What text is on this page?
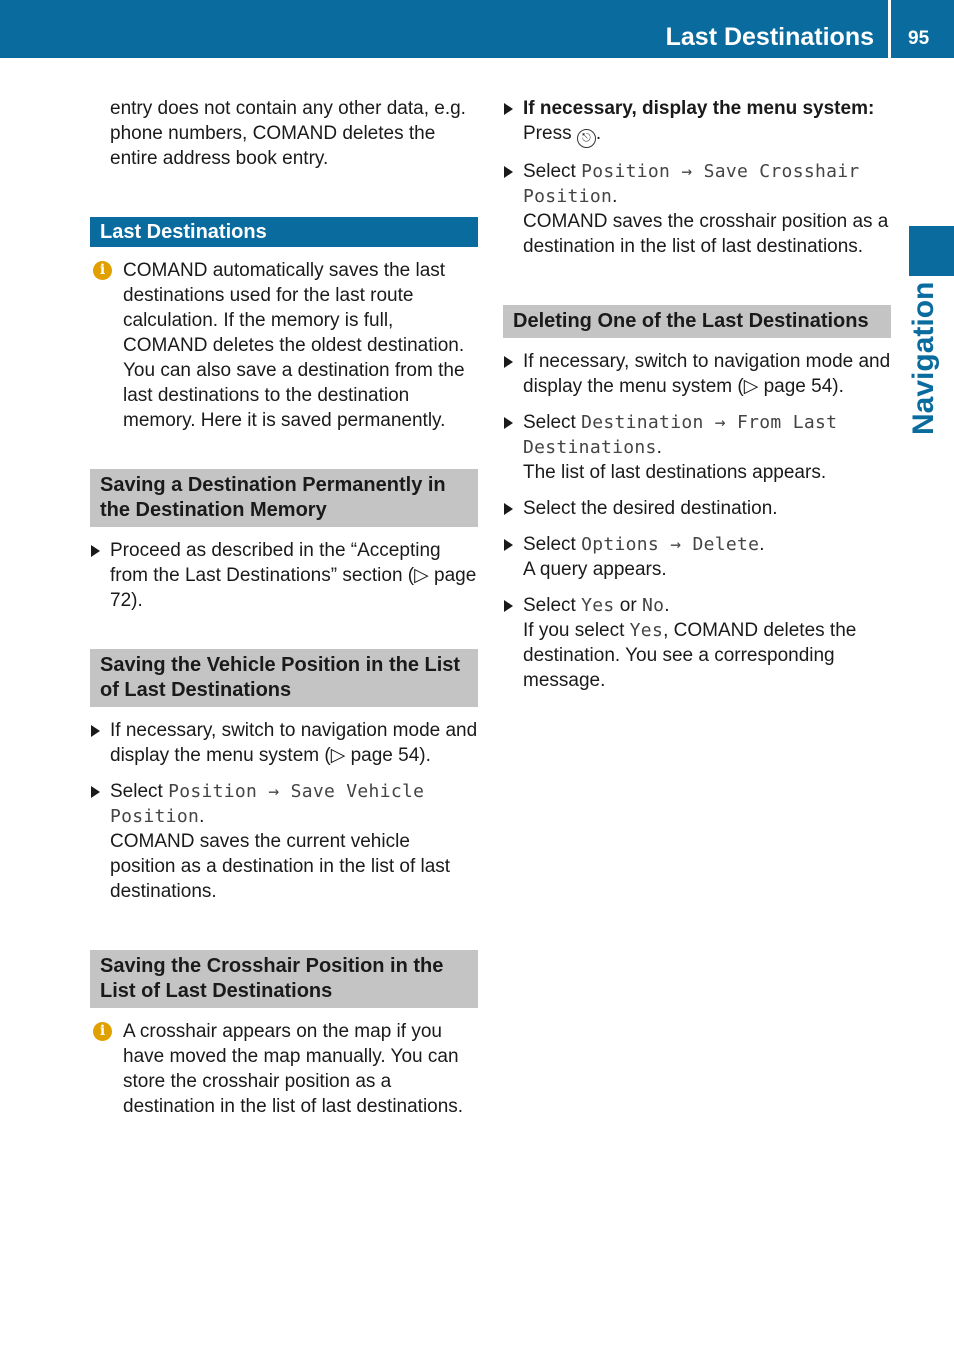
Last Destinations 95
Navigation

entry does not contain any other data, e.g. phone numbers, COMAND deletes the entire address book entry.

Last Destinations
i COMAND automatically saves the last destinations used for the last route calculation. If the memory is full, COMAND deletes the oldest destination. You can also save a destination from the last destinations to the destination memory. Here it is saved permanently.

Saving a Destination Permanently in the Destination Memory

Proceed as described in the “Accepting from the Last Destinations” section (▷ page 72).

Saving the Vehicle Position in the List of Last Destinations

If necessary, switch to navigation mode and display the menu system (▷ page 54).

Select Position → Save Vehicle Position.

COMAND saves the current vehicle position as a destination in the list of last destinations.

Saving the Crosshair Position in the List of Last Destinations
i A crosshair appears on the map if you have moved the map manually. You can store the crosshair position as a destination in the list of last destinations.

If necessary, display the menu system:

Press ⎋ .

Select Position → Save Crosshair Position.

COMAND saves the crosshair position as a destination in the list of last destinations.

Deleting One of the Last Destinations

If necessary, switch to navigation mode and display the menu system (▷ page 54).

Select Destination → From Last Destinations.

The list of last destinations appears.

Select the desired destination.

Select Options → Delete.

A query appears.

Select Yes or No.

If you select Yes, COMAND deletes the destination. You see a corresponding message.
